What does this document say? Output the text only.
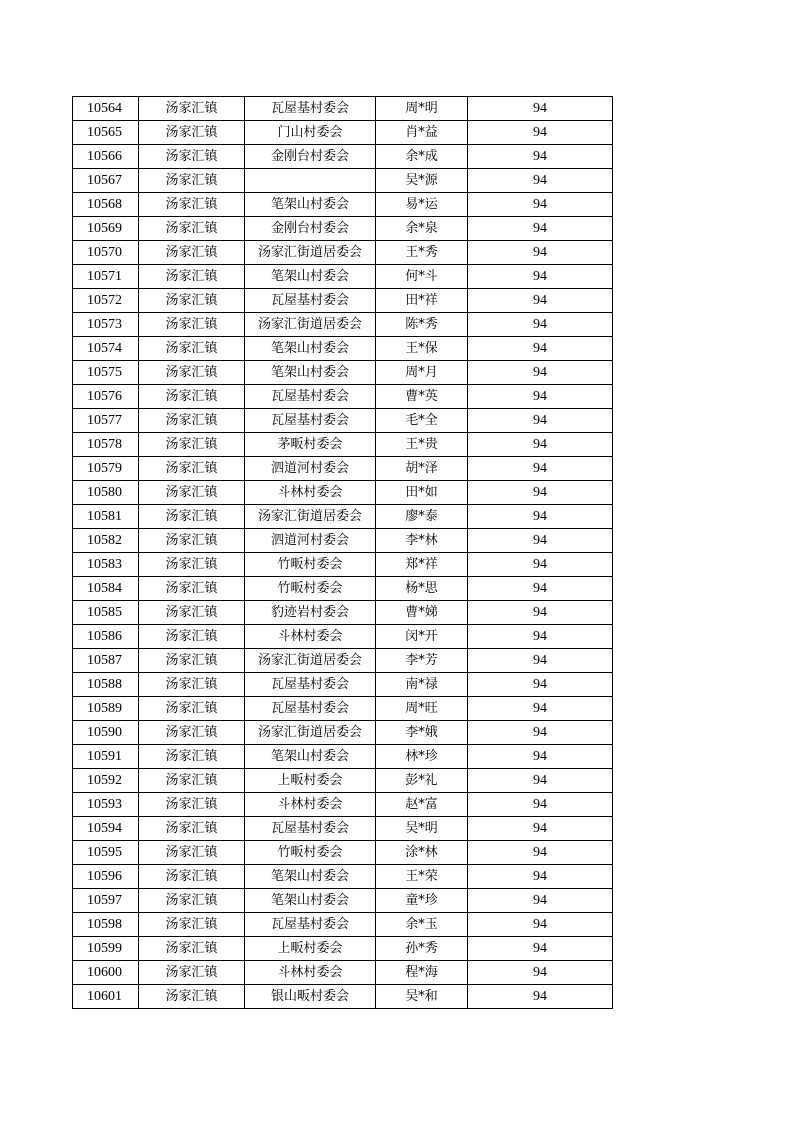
10564	汤家汇镇	瓦屋基村委会	周*明	94
10565	汤家汇镇	门山村委会	肖*益	94
10566	汤家汇镇	金刚台村委会	余*成	94
10567	汤家汇镇		吴*源	94
10568	汤家汇镇	笔架山村委会	易*运	94
10569	汤家汇镇	金刚台村委会	余*泉	94
10570	汤家汇镇	汤家汇街道居委会	王*秀	94
10571	汤家汇镇	笔架山村委会	何*斗	94
10572	汤家汇镇	瓦屋基村委会	田*祥	94
10573	汤家汇镇	汤家汇街道居委会	陈*秀	94
10574	汤家汇镇	笔架山村委会	王*保	94
10575	汤家汇镇	笔架山村委会	周*月	94
10576	汤家汇镇	瓦屋基村委会	曹*英	94
10577	汤家汇镇	瓦屋基村委会	毛*全	94
10578	汤家汇镇	茅畈村委会	王*贵	94
10579	汤家汇镇	泗道河村委会	胡*泽	94
10580	汤家汇镇	斗林村委会	田*如	94
10581	汤家汇镇	汤家汇街道居委会	廖*泰	94
10582	汤家汇镇	泗道河村委会	李*林	94
10583	汤家汇镇	竹畈村委会	郑*祥	94
10584	汤家汇镇	竹畈村委会	杨*思	94
10585	汤家汇镇	豹迹岩村委会	曹*娣	94
10586	汤家汇镇	斗林村委会	闵*开	94
10587	汤家汇镇	汤家汇街道居委会	李*芳	94
10588	汤家汇镇	瓦屋基村委会	南*禄	94
10589	汤家汇镇	瓦屋基村委会	周*旺	94
10590	汤家汇镇	汤家汇街道居委会	李*娥	94
10591	汤家汇镇	笔架山村委会	林*珍	94
10592	汤家汇镇	上畈村委会	彭*礼	94
10593	汤家汇镇	斗林村委会	赵*富	94
10594	汤家汇镇	瓦屋基村委会	吴*明	94
10595	汤家汇镇	竹畈村委会	涂*林	94
10596	汤家汇镇	笔架山村委会	王*荣	94
10597	汤家汇镇	笔架山村委会	童*珍	94
10598	汤家汇镇	瓦屋基村委会	余*玉	94
10599	汤家汇镇	上畈村委会	孙*秀	94
10600	汤家汇镇	斗林村委会	程*海	94
10601	汤家汇镇	银山畈村委会	吴*和	94
